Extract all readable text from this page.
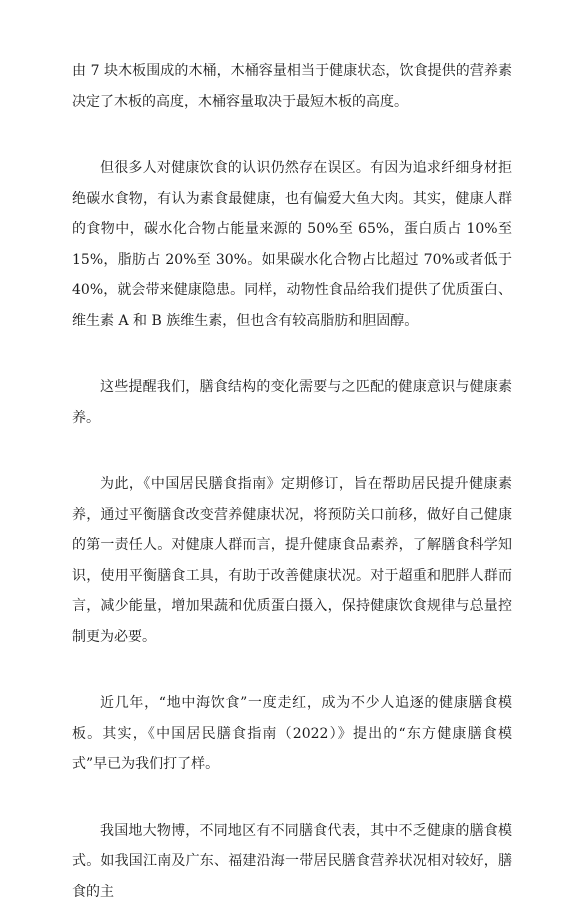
由 7 块木板围成的木桶，木桶容量相当于健康状态，饮食提供的营养素决定了木板的高度，木桶容量取决于最短木板的高度。

但很多人对健康饮食的认识仍然存在误区。有因为追求纤细身材拒绝碳水食物，有认为素食最健康，也有偏爱大鱼大肉。其实，健康人群的食物中，碳水化合物占能量来源的 50%至 65%，蛋白质占 10%至 15%，脂肪占 20%至 30%。如果碳水化合物占比超过 70%或者低于 40%，就会带来健康隐患。同样，动物性食品给我们提供了优质蛋白、维生素 A 和 B 族维生素，但也含有较高脂肪和胆固醇。

这些提醒我们，膳食结构的变化需要与之匹配的健康意识与健康素养。

为此，《中国居民膳食指南》定期修订，旨在帮助居民提升健康素养，通过平衡膳食改变营养健康状况，将预防关口前移，做好自己健康的第一责任人。对健康人群而言，提升健康食品素养，了解膳食科学知识，使用平衡膳食工具，有助于改善健康状况。对于超重和肥胖人群而言，减少能量，增加果蔬和优质蛋白摄入，保持健康饮食规律与总量控制更为必要。

近几年，“地中海饮食”一度走红，成为不少人追逐的健康膳食模板。其实，《中国居民膳食指南（2022）》提出的“东方健康膳食模式”早已为我们打了样。

我国地大物博，不同地区有不同膳食代表，其中不乏健康的膳食模式。如我国江南及广东、福建沿海一带居民膳食营养状况相对较好，膳食的主
